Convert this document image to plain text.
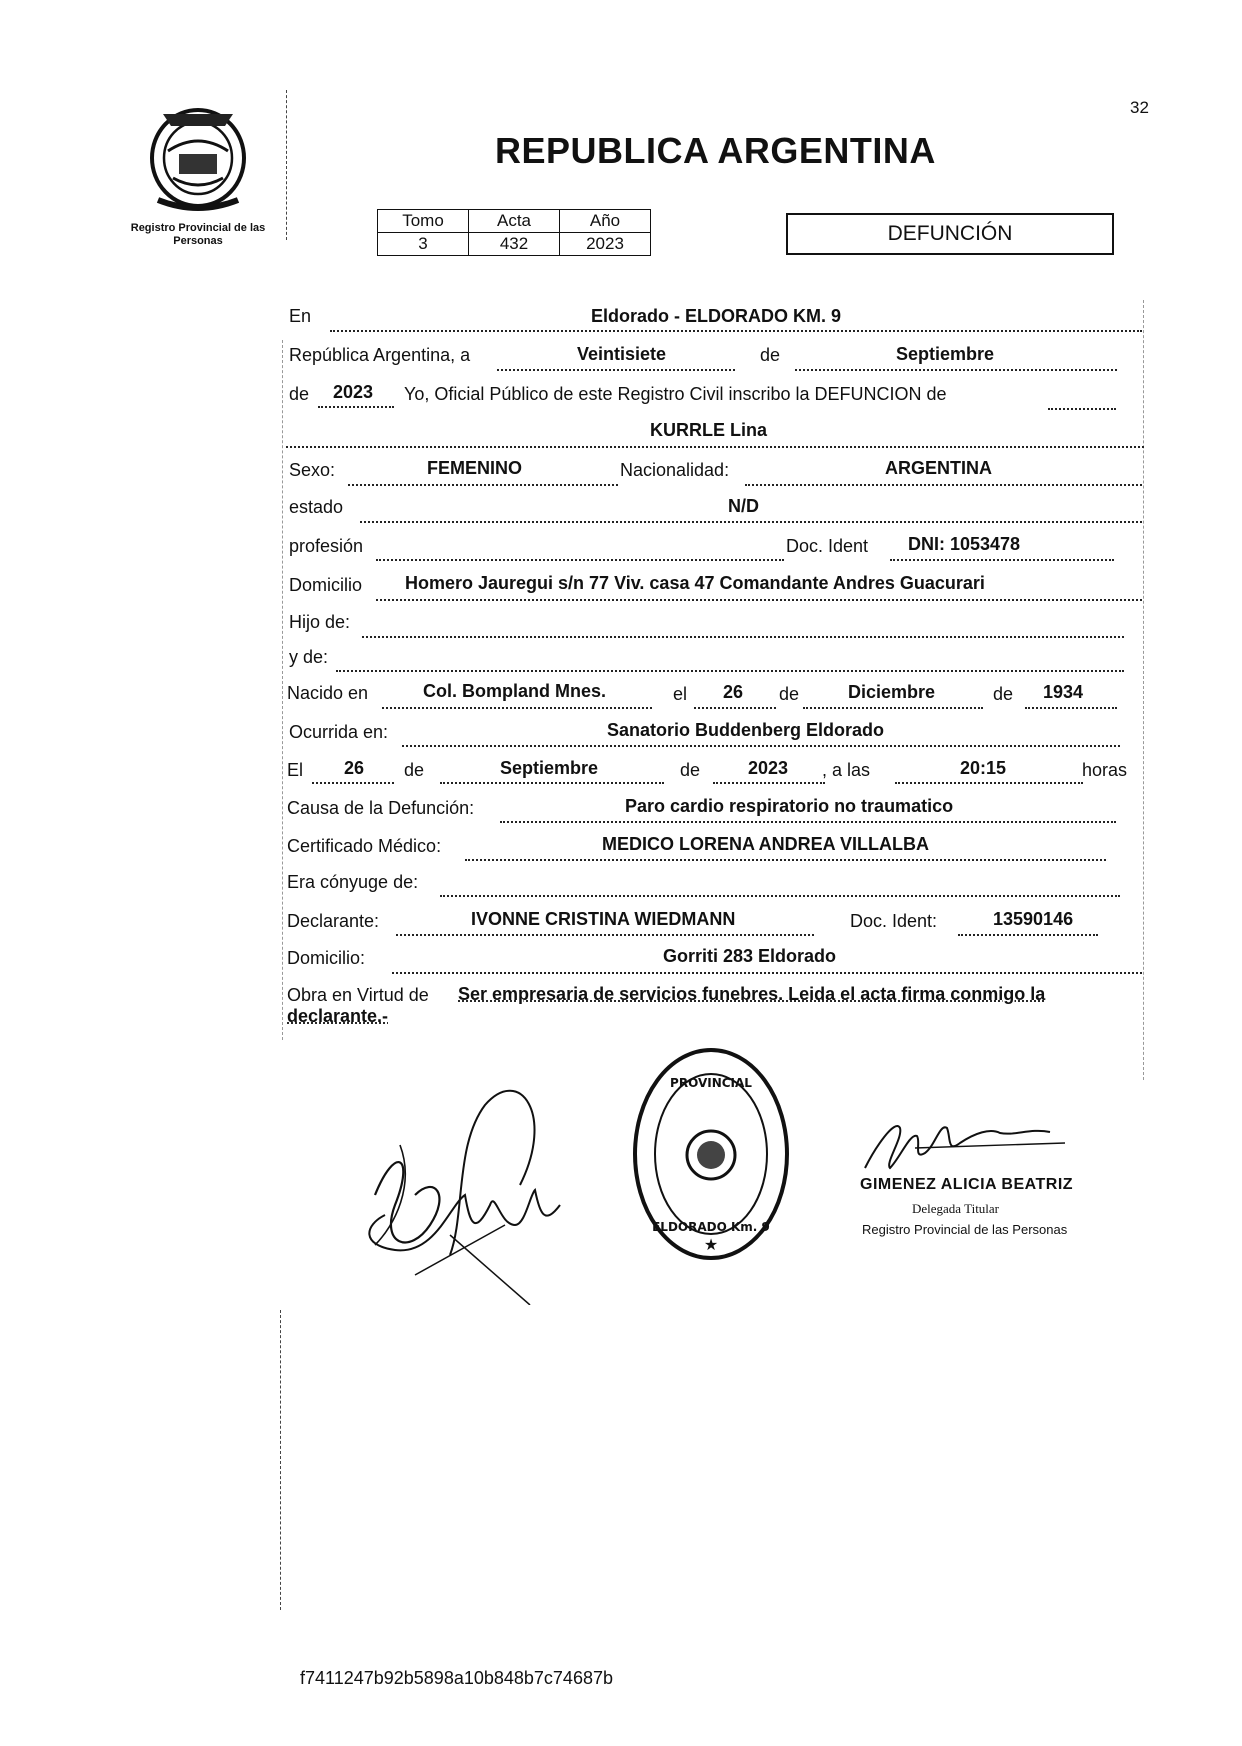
Registro Provincial de las Personas
32
REPUBLICA ARGENTINA
Tomo	Acta	Año
3	432	2023	DEFUNCIÓN
En	Eldorado - ELDORADO KM. 9
República Argentina, a	Veintisiete	de	Septiembre
de 2023 Yo, Oficial Público de este Registro Civil inscribo la DEFUNCION de
KURRLE Lina
Sexo:	FEMENINO	Nacionalidad:	ARGENTINA
estado	N/D
profesión	Doc. Ident DNI: 1053478
Domicilio Homero Jauregui s/n 77 Viv. casa 47 Comandante Andres Guacurari
Hijo de:
y de:
Nacido en	Col. Bompland Mnes.	el 26 de	Diciembre	de 1934
Ocurrida en:	Sanatorio Buddenberg Eldorado
El 26 de	Septiembre	de	2023 , a las	20:15	horas
Causa de la Defunción:	Paro cardio respiratorio no traumatico
Certificado Médico:	MEDICO LORENA ANDREA VILLALBA
Era cónyuge de:
Declarante:	IVONNE CRISTINA WIEDMANN	Doc. Ident:	13590146
Domicilio:	Gorriti 283 Eldorado
Obra en Virtud de Ser empresaria de servicios funebres. Leida el acta firma conmigo la
declarante.-
PROVINCIAL
ELDORADO Km. 9
★
GIMENEZ ALICIA BEATRIZ
Delegada Titular
Registro Provincial de las Personas
f7411247b92b5898a10b848b7c74687b
